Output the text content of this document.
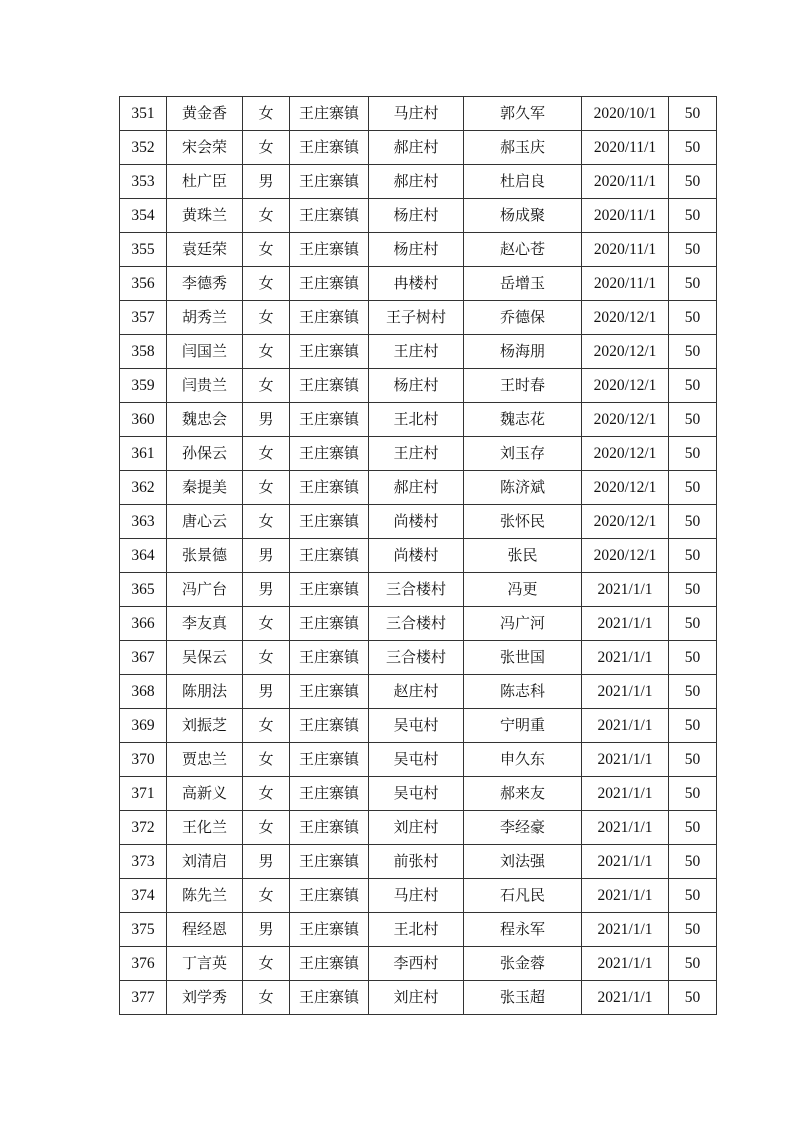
351	黄金香	女	王庄寨镇	马庄村	郭久军	2020/10/1	50
352	宋会荣	女	王庄寨镇	郝庄村	郝玉庆	2020/11/1	50
353	杜广臣	男	王庄寨镇	郝庄村	杜启良	2020/11/1	50
354	黄珠兰	女	王庄寨镇	杨庄村	杨成聚	2020/11/1	50
355	袁廷荣	女	王庄寨镇	杨庄村	赵心苍	2020/11/1	50
356	李德秀	女	王庄寨镇	冉楼村	岳增玉	2020/11/1	50
357	胡秀兰	女	王庄寨镇	王子树村	乔德保	2020/12/1	50
358	闫国兰	女	王庄寨镇	王庄村	杨海朋	2020/12/1	50
359	闫贵兰	女	王庄寨镇	杨庄村	王时春	2020/12/1	50
360	魏忠会	男	王庄寨镇	王北村	魏志花	2020/12/1	50
361	孙保云	女	王庄寨镇	王庄村	刘玉存	2020/12/1	50
362	秦提美	女	王庄寨镇	郝庄村	陈济斌	2020/12/1	50
363	唐心云	女	王庄寨镇	尚楼村	张怀民	2020/12/1	50
364	张景德	男	王庄寨镇	尚楼村	张民	2020/12/1	50
365	冯广台	男	王庄寨镇	三合楼村	冯更	2021/1/1	50
366	李友真	女	王庄寨镇	三合楼村	冯广河	2021/1/1	50
367	吴保云	女	王庄寨镇	三合楼村	张世国	2021/1/1	50
368	陈朋法	男	王庄寨镇	赵庄村	陈志科	2021/1/1	50
369	刘振芝	女	王庄寨镇	吴屯村	宁明重	2021/1/1	50
370	贾忠兰	女	王庄寨镇	吴屯村	申久东	2021/1/1	50
371	高新义	女	王庄寨镇	吴屯村	郝来友	2021/1/1	50
372	王化兰	女	王庄寨镇	刘庄村	李经豪	2021/1/1	50
373	刘清启	男	王庄寨镇	前张村	刘法强	2021/1/1	50
374	陈先兰	女	王庄寨镇	马庄村	石凡民	2021/1/1	50
375	程经恩	男	王庄寨镇	王北村	程永军	2021/1/1	50
376	丁言英	女	王庄寨镇	李西村	张金蓉	2021/1/1	50
377	刘学秀	女	王庄寨镇	刘庄村	张玉超	2021/1/1	50
